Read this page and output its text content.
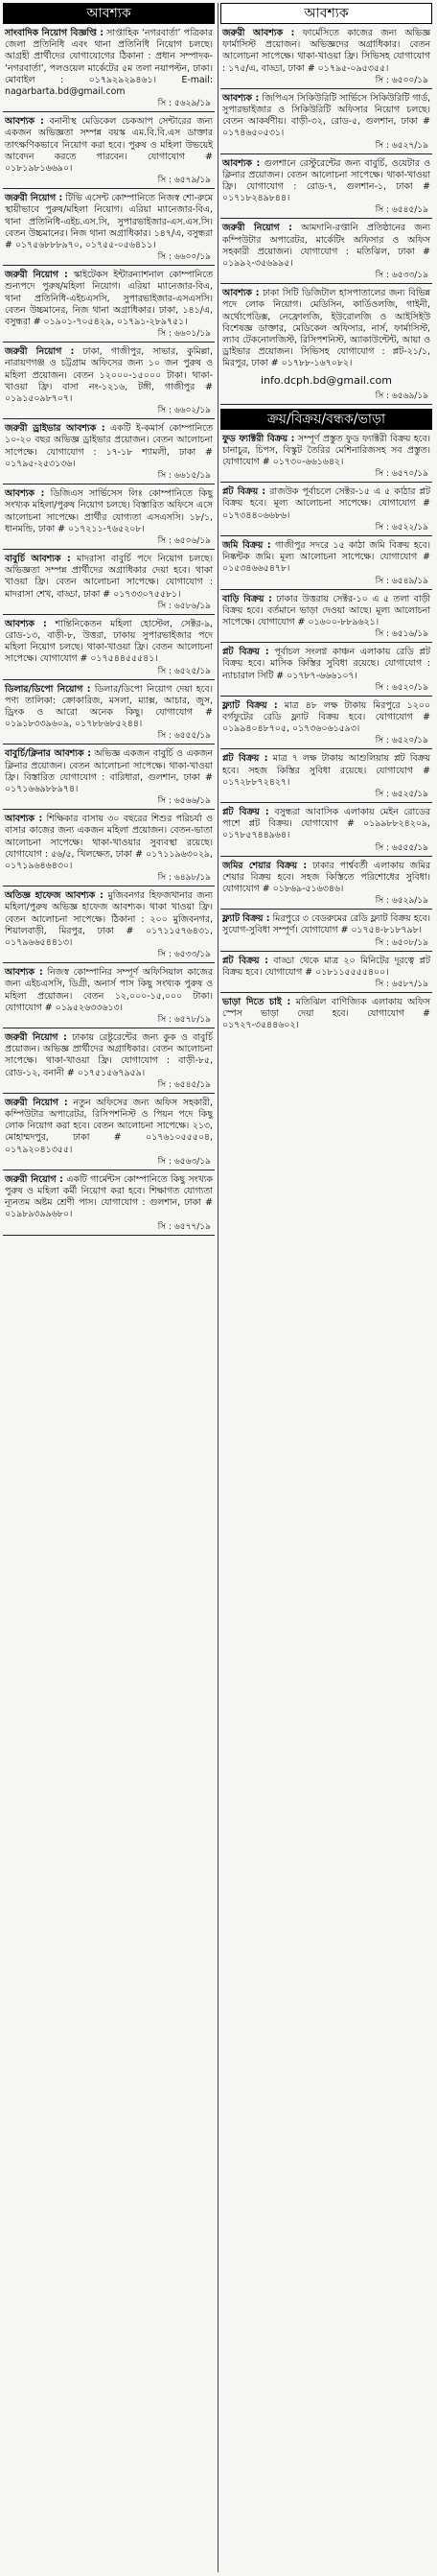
আবশ্যক
সাংবাদিক নিয়োগ বিজ্ঞপ্তি : সাপ্তাহিক ‘নগরবার্তা’ পত্রিকার জেলা প্রতিনিধি এবং থানা প্রতিনিধি নিয়োগ চলছে। আগ্রহী প্রার্থীদের যোগাযোগের ঠিকানা : প্রধান সম্পাদক- ‘নগরবার্তা’, পলওয়েল মার্কেটের ৫ম তলা নয়াপল্টন, ঢাকা। মোবাইল : ০১৭৯২৯২৯৪৬১। E-mail: nagarbarta.bd@gmail.com
সি : ৫৬২৯/১৯
আবশ্যক : বনানীস্থ মেডিকেল চেকআপ সেন্টারের জন্য একজন অভিজ্ঞতা সম্পন্ন বয়স্ক এম.বি.বি.এস ডাক্তার তাৎক্ষণিকভাবে নিয়োগ করা হবে। পুরুষ ও মহিলা উভয়েই আবেদন করতে পারবেন। যোগাযোগ # ০১৮১৯৮১৬৬৯০।
সি : ৬৫৭৯/১৯
জরুরী নিয়োগ : টিভি এসেন্ট কোম্পানিতে নিজস্ব শো-রুমে স্থায়ীভাবে পুরুষ/মহিলা নিয়োগ। এরিয়া ম্যানেজার-বিএ, থানা প্রতিনিধি-এইচ.এস.সি, সুপারভাইজার-এস.এস.সি। বেতন উচ্চমানের। নিজ থানা অগ্রাধিকার। ১৪৭/এ, বসুন্ধরা # ০১৭৫৬৮৮৮৯৭০, ০১৭৫৫-০৫৬৪১১।
সি : ৬৬০০/১৯
জরুরী নিয়োগ : স্কাইটেকস ইন্টারন্যাশনাল কোম্পানিতে শুন্যপদে পুরুষ/মহিলা নিয়োগ। এরিয়া ম্যানেজার-বিএ, থানা প্রতিনিধি-এইচএসসি, সুপারভাইজার-এসএসসি। বেতন উচ্চমানের, নিজ থানা অগ্রাধিকার। ঢাকা, ১৪১/এ, বসুন্ধরা # ০১৯০১-৭০৫৪২৯, ০১৭৯১-২৮৯৭৫১।
সি : ৬৬০১/১৯
জরুরী নিয়োগ : ঢাকা, গাজীপুর, সাভার, কুমিল্লা, নারায়ণগঞ্জ ও চট্টগ্রাম অফিসের জন্য ১০ জন পুরুষ ও মহিলা প্রয়োজন। বেতন ১২০০০-১৫০০০ টাকা। থাকা-খাওয়া ফ্রি। বাসা নং-১২১৬, টঙ্গী, গাজীপুর # ০১৯১৫০৯৮৭০৭।
সি : ৬৬০২/১৯
জরুরী ড্রাইভার আবশ্যক : একটি ই-কমার্স কোম্পানিতে ১০-২০ বছর অভিজ্ঞ ড্রাইভার প্রয়োজন। বেতন আলোচনা সাপেক্ষে। যোগাযোগ : ১৭-১৮ শ্যামলী, ঢাকা # ০১৭৯৫-২৫৩১৩৬।
সি : ৬৬১৫/১৯
আবশ্যক : ডিজিএস সার্ভিসেস লিঃ কোম্পানিতে কিছু সংখ্যক মহিলা/পুরুষ নিয়োগ চলছে। বিস্তারিত অফিসে এসে আলোচনা সাপেক্ষে। প্রার্থীর যোগ্যতা এসএসসি। ১৮/১, ধানমন্ডি, ঢাকা # ০১৭২১১-৭৬৫২০৮।
সি : ৬৫০৬/১৯
বাবুর্চি আবশ্যক : মাদরাসা বাবুর্চি পদে নিয়োগ চলছে। অভিজ্ঞতা সম্পন্ন প্রার্থীদের অগ্রাধিকার দেয়া হবে। থাকা খাওয়া ফ্রি। বেতন আলোচনা সাপেক্ষে। যোগাযোগ : মাদরাসা শেখ, বাড্ডা, ঢাকা # ০১৭৩৩০৭৫৫৮১।
সি : ৬৫৮৬/১৯
আবশ্যক : শান্তিনিকেতন মহিলা হোস্টেল, সেক্টর-৯, রোড-১৩, বাড়ী-৮, উত্তরা, ঢাকায় সুপারভাইজার পদে মহিলা নিয়োগ চলছে। থাকা-খাওয়া ফ্রি। বেতন আলোচনা সাপেক্ষে। যোগাযোগ # ০১৭৫৪৪৫৫৫৪১।
সি : ৬৫২৫/১৯
ডিলার/ডিপো নিয়োগ : ডিলার/ডিপো নিয়োগ দেয়া হবে। পণ্য তালিকা: ক্রোকারিজ, মসলা, ম্যাক্স, আচার, জুস, ড্রিংক ও আরো অনেক কিছু। যোগাযোগ # ০১৯১৮৩৩৯৬০৯, ০১৭৮৮৬৮৫২৪৪।
সি : ৬৫৫৫/১৯
বাবুর্চি/ক্লিনার আবশ্যক : অভিজ্ঞ একজন বাবুর্চি ও একজন ক্লিনার প্রয়োজন। বেতন আলোচনা সাপেক্ষে। থাকা-খাওয়া ফ্রি। বিস্তারিত যোগাযোগ : বারিধারা, গুলশান, ঢাকা # ০১৭১৬৬৯৮৮৯৭৪।
সি : ৬৫৬৬/১৯
আবশ্যক : শিক্ষিকার বাসায় ৩০ বছরের শিশুর পরিচর্যা ও বাসার কাজের জন্য একজন মহিলা প্রয়োজন। বেতন-ভাতা আলোচনা সাপেক্ষে। থাকা-খাওয়ার সুব্যবস্থা রয়েছে। যোগাযোগ : ৫৬/৫, খিলক্ষেত, ঢাকা # ০১৭১১৯৬৩০২৯, ০১৭১৯৬৪৬৪৩০।
সি : ৬৪৯৮/১৯
অতিজ্ঞ হাফেজ আবশ্যক : মুজিবনগর হিফজখানার জন্য মহিলা/পুরুষ অভিজ্ঞ হাফেজ আবশ্যক। থাকা খাওয়া ফ্রি। বেতন আলোচনা সাপেক্ষে। ঠিকানা : ২০০ মুজিবনগর, শিয়ালবাড়ী, মিরপুর, ঢাকা # ০১৭১১৫৭৬৪৩১, ০১৭৯৬৬৫৪৪১৩।
সি : ৬৫৩৩/১৯
আবশ্যক : নিজস্ব কোম্পানির সম্পূর্ণ অফিসিয়াল কাজের জন্য এইচএসসি, ডিগ্রী, অনার্স পাস কিছু সংখ্যক পুরুষ ও মহিলা প্রয়োজন। বেতন ১২,০০০-১৫,০০০ টাকা। যোগাযোগ # ০১৯৫২৬৩৩৬১৩।
সি : ৬৫৭৮/১৯
জরুরী নিয়োগ : ঢাকায় রেষ্টুরেন্টের জন্য কুক ও বাবুর্চি প্রয়োজন। অভিজ্ঞ প্রার্থীদের অগ্রাধিকার। বেতন আলোচনা সাপেক্ষে। থাকা-খাওয়া ফ্রি। যোগাযোগ : বাড়ী-৮৫, রোড-১২, বনানী # ০১৭৫১৫৬৭৯৫৯।
সি : ৬৫৪৫/১৯
জরুরী নিয়োগ : নতুন অফিসের জন্য অফিস সহকারী, কম্পিউটার অপারেটর, রিসিপশনিস্ট ও পিয়ন পদে কিছু লোক নিয়োগ করা হবে। বেতন আলোচনা সাপেক্ষে। ২১৩, মোহাম্মদপুর, ঢাকা # ০১৭৬১০৫৫৫০৪, ০১৭৯২০৪১৩৫৫।
সি : ৬৫৬৩/১৯
জরুরী নিয়োগ : একটি গার্মেন্টস কোম্পানিতে কিছু সংখ্যক পুরুষ ও মহিলা কর্মী নিয়োগ করা হবে। শিক্ষাগত যোগ্যতা ন্যূনতম অষ্টম শ্রেণী পাস। যোগাযোগ : গুলশান, ঢাকা # ০১৯৮৯৩৯৯৬৮০।
সি : ৬৫৭৭/১৯
আবশ্যক
জরুরী আবশ্যক : ফার্মেসিতে কাজের জন্য অভিজ্ঞ ফার্মাসিস্ট প্রয়োজন। অভিজ্ঞদের অগ্রাধিকার। বেতন আলোচনা সাপেক্ষে। থাকা-খাওয়া ফ্রি। সিভিসহ যোগাযোগ : ১৭৫/এ, বাড্ডা, ঢাকা # ০১৭৯৫-০৯৫৩৫৫।
সি : ৬৫০০/১৯
আবশ্যক : জিপিএস সিকিউরিটি সার্ভিসে সিকিউরিটি গার্ড, সুপারভাইজার ও সিকিউরিটি অফিসার নিয়োগ চলছে। বেতন আকর্ষণীয়। বাড়ী-৩২, রোড-৫, গুলশান, ঢাকা # ০১৭৪৬৫০৫৩১।
সি : ৬৫২৭/১৯
আবশ্যক : গুলশানে রেস্টুরেন্টের জন্য বাবুর্চি, ওয়েটার ও ক্লিনার প্রয়োজন। বেতন আলোচনা সাপেক্ষে। থাকা-খাওয়া ফ্রি। যোগাযোগ : রোড-৭, গুলশান-১, ঢাকা # ০১৭১৮২৪৯৮৪৪।
সি : ৬৫৪৫/১৯
জরুরী নিয়োগ : আমদানি-রপ্তানি প্রতিষ্ঠানের জন্য কম্পিউটার অপারেটর, মার্কেটিং অফিসার ও অফিস সহকারী প্রয়োজন। যোগাযোগ : মতিঝিল, ঢাকা # ০১৯৯২-৩৫৬৯৯৫।
সি : ৬৫৩৩/১৯
আবশ্যক : ঢাকা সিটি ডিজিটাল হাসপাতালের জন্য বিভিন্ন পদে লোক নিয়োগ। মেডিসিন, কার্ডিওলজি, গাইনী, অর্থোপেডিক্স, নেফ্রোলজি, ইউরোলজি ও আইসিইউ বিশেষজ্ঞ ডাক্তার, মেডিকেল অফিসার, নার্স, ফার্মাসিস্ট, ল্যাব টেকনোলজিস্ট, রিসিপশনিস্ট, অ্যাকাউন্টেন্ট, আয়া ও ড্রাইভার প্রয়োজন। সিভিসহ যোগাযোগ : প্লট-২১/১, মিরপুর, ঢাকা # ০১৭৮৮-১৬৭০৮২।
info.dcph.bd@gmail.com
সি : ৬৫৬৯/১৯
ক্রয়/বিক্রয়/বন্ধক/ভাড়া
ফুড ফ্যাক্টরী বিক্রয় : সম্পূর্ণ প্রস্তুত ফুড ফ্যাক্টরী বিক্রয় হবে। চানাচুর, চিপস, বিস্কুট তৈরির মেশিনারিজসহ সব প্রস্তুত। যোগাযোগ # ০১৭৩০-৬৬১৬৪২।
সি : ৬৫৭০/১৯
প্লট বিক্রয় : রাজউক পূর্বাচলে সেক্টর-১৫ এ ৫ কাঠার প্লট বিক্রয় হবে। মূল্য আলোচনা সাপেক্ষে। যোগাযোগ # ০১৭৩৪৪০৬৬৮৬।
সি : ৬৫২২/১৯
জমি বিক্রয় : গাজীপুর সদরে ১৫ কাঠা জমি বিক্রয় হবে। নিষ্কন্টক জমি। মূল্য আলোচনা সাপেক্ষে। যোগাযোগ # ০১৫৩৪৬৬৫৪৭৮।
সি : ৬৫৪৯/১৯
বাড়ি বিক্রয় : ঢাকার উত্তরায় সেক্টর-১০ এ ৫ তলা বাড়ী বিক্রয় হবে। বর্তমানে ভাড়া দেওয়া আছে। মূল্য আলোচনা সাপেক্ষে। যোগাযোগ # ০১৬০০-৮৮৯৬২১।
সি : ৬৫১৬/১৯
প্লট বিক্রয় : পূর্বাচল সংলগ্ন কাঞ্চন এলাকায় রেডি প্লট বিক্রয় হবে। মাসিক কিস্তির সুবিধা রয়েছে। যোগাযোগ : ন্যাচারাল সিটি # ০১৭৮৭-৬৬৬১০৭।
সি : ৬৫২০/১৯
ফ্ল্যাট বিক্রয় : মাত্র ৪৮ লক্ষ টাকায় মিরপুরে ১২০০ বর্গফুটের রেডি ফ্ল্যাট বিক্রয় হবে। যোগাযোগ # ০১৯৯৪০৪৮৭০৫, ০১৭৩৬০৬১৫৯৩।
সি : ৬৫২০/১৯
প্লট বিক্রয় : মাত্র ৭ লক্ষ টাকায় আশুলিয়ায় প্লট বিক্রয় হবে। সহজ কিস্তির সুবিধা রয়েছে। যোগাযোগ # ০১৭২৮৮৭২৪২৭।
সি : ৬৫২৫/১৯
প্লট বিক্রয় : বসুন্ধরা আবাসিক এলাকায় মেইন রোডের পাশে প্লট বিক্রয়। যোগাযোগ # ০১৯৯৮৮২৪২০৯, ০১৭৮৫৭৪৪৯৬৪।
সি : ৬৫৫৫/১৯
জমির শেয়ার বিক্রয় : ঢাকার পার্শ্ববর্তী এলাকায় জমির শেয়ার বিক্রয় হবে। সহজ কিস্তিতে পরিশোধের সুবিধা। যোগাযোগ # ০১৮৬৯-৫১৬৩৪৬।
সি : ৬৫২৯/১৯
ফ্ল্যাট বিক্রয় : মিরপুরে ৩ বেডরুমের রেডি ফ্ল্যাট বিক্রয় হবে। সুযোগ-সুবিধা সম্পূর্ণ। যোগাযোগ # ০১৭৫৪-৮১৮৭৯৮।
সি : ৬৫০৮/১৯
প্লট বিক্রয় : বাড্ডা থেকে মাত্র ২০ মিনিটের দূরত্বে প্লট বিক্রয় হবে। যোগাযোগ # ০১৮১১৫৫৫৫৪০০।
সি : ৬৫৮৭/১৯
ভাড়া দিতে চাই : মতিঝিল বাণিজ্যিক এলাকায় অফিস স্পেস ভাড়া দেয়া হবে। যোগাযোগ # ০১৭২৭-৩৫৪৪৬০২।
